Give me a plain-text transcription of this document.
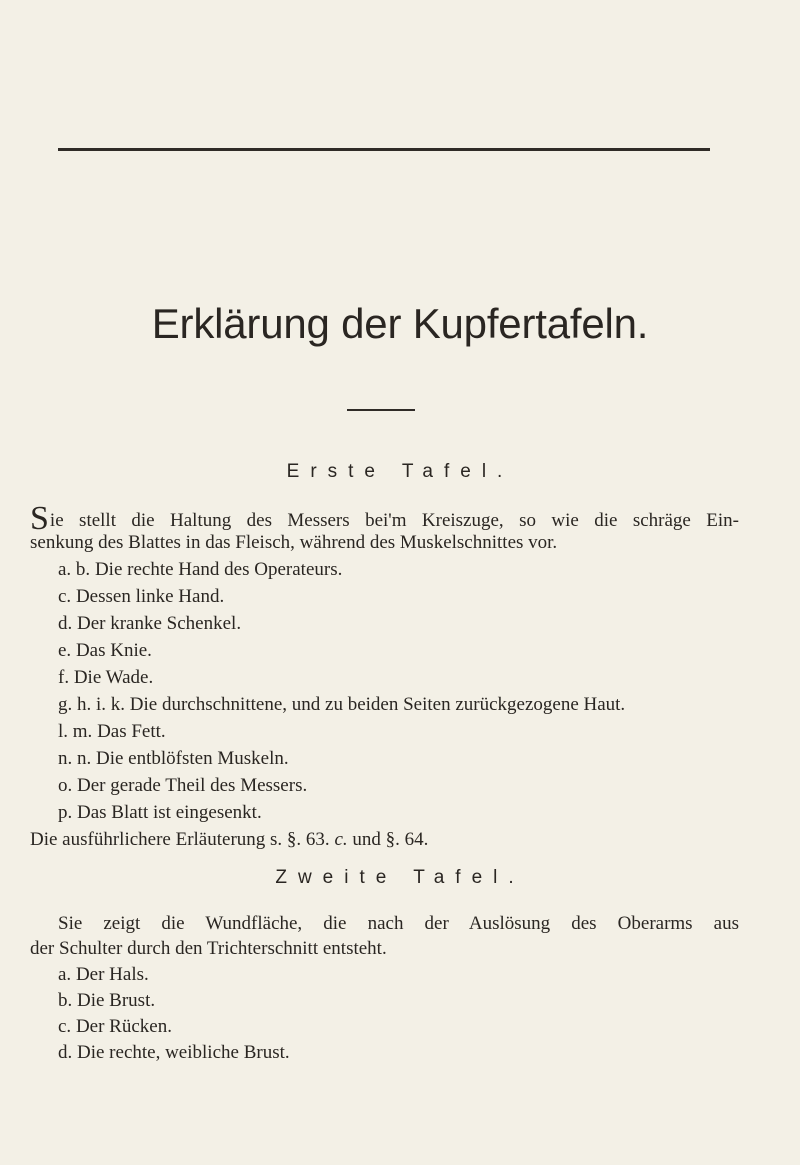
Erklärung der Kupfertafeln.
Erste Tafel.

Sie stellt die Haltung des Messers bei'm Kreiszuge, so wie die schräge Ein-

senkung des Blattes in das Fleisch, während des Muskelschnittes vor.

a. b. Die rechte Hand des Operateurs.

c. Dessen linke Hand.

d. Der kranke Schenkel.

e. Das Knie.

f. Die Wade.

g. h. i. k. Die durchschnittene, und zu beiden Seiten zurückgezogene Haut.

l. m. Das Fett.

n. n. Die entblöfsten Muskeln.

o. Der gerade Theil des Messers.

p. Das Blatt ist eingesenkt.

Die ausführlichere Erläuterung s. §. 63. c. und §. 64.

Zweite Tafel.

Sie zeigt die Wundfläche, die nach der Auslösung des Oberarms aus

der Schulter durch den Trichterschnitt entsteht.

a. Der Hals.

b. Die Brust.

c. Der Rücken.

d. Die rechte, weibliche Brust.
